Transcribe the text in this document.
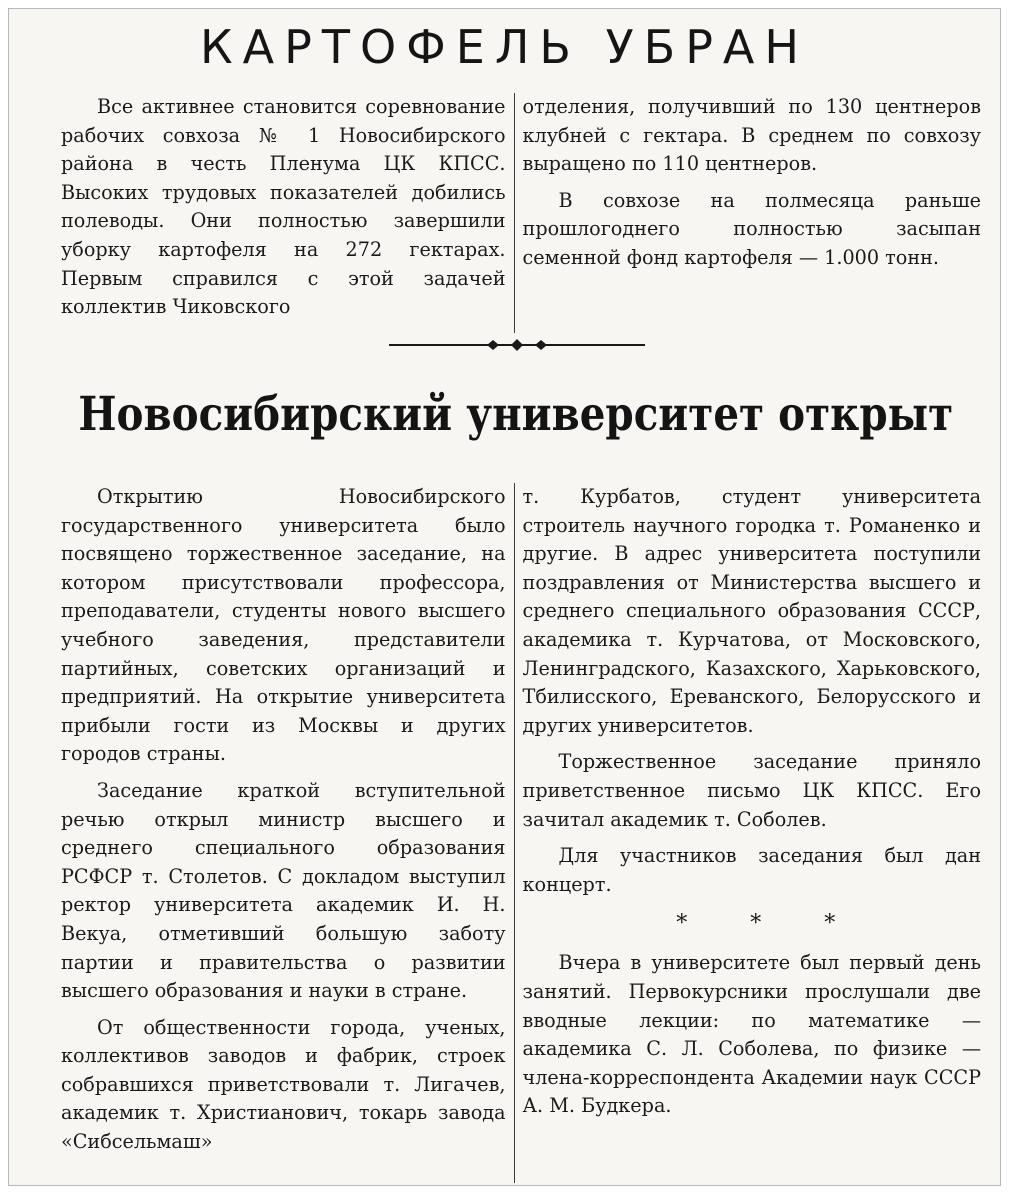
КАРТОФЕЛЬ УБРАН

Все активнее становится соревнование рабочих совхоза № 1 Новосибирского района в честь Пленума ЦК КПСС. Высоких трудовых показателей добились полеводы. Они полностью завершили уборку картофеля на 272 гектарах. Первым справился с этой задачей коллектив Чиковского

отделения, получивший по 130 центнеров клубней с гектара. В среднем по совхозу выращено по 110 центнеров.

В совхозе на полмесяца раньше прошлогоднего полностью засыпан семенной фонд картофеля — 1.000 тонн.

Новосибирский университет открыт

Открытию Новосибирского государственного университета было посвящено торжественное заседание, на котором присутствовали профессора, преподаватели, студенты нового высшего учебного заведения, представители партийных, советских организаций и предприятий. На открытие университета прибыли гости из Москвы и других городов страны.

Заседание краткой вступительной речью открыл министр высшего и среднего специального образования РСФСР т. Столетов. С докладом выступил ректор университета академик И. Н. Векуа, отметивший большую заботу партии и правительства о развитии высшего образования и науки в стране.

От общественности города, ученых, коллективов заводов и фабрик, строек собравшихся приветствовали т. Лигачев, академик т. Христианович, токарь завода «Сибсельмаш»

т. Курбатов, студент университета строитель научного городка т. Романенко и другие. В адрес университета поступили поздравления от Министерства высшего и среднего специального образования СССР, академика т. Курчатова, от Московского, Ленинградского, Казахского, Харьковского, Тбилисского, Ереванского, Белорусского и других университетов.

Торжественное заседание приняло приветственное письмо ЦК КПСС. Его зачитал академик т. Соболев.

Для участников заседания был дан концерт.

* * *

Вчера в университете был первый день занятий. Первокурсники прослушали две вводные лекции: по математике — академика С. Л. Соболева, по физике — члена-корреспондента Академии наук СССР А. М. Будкера.
